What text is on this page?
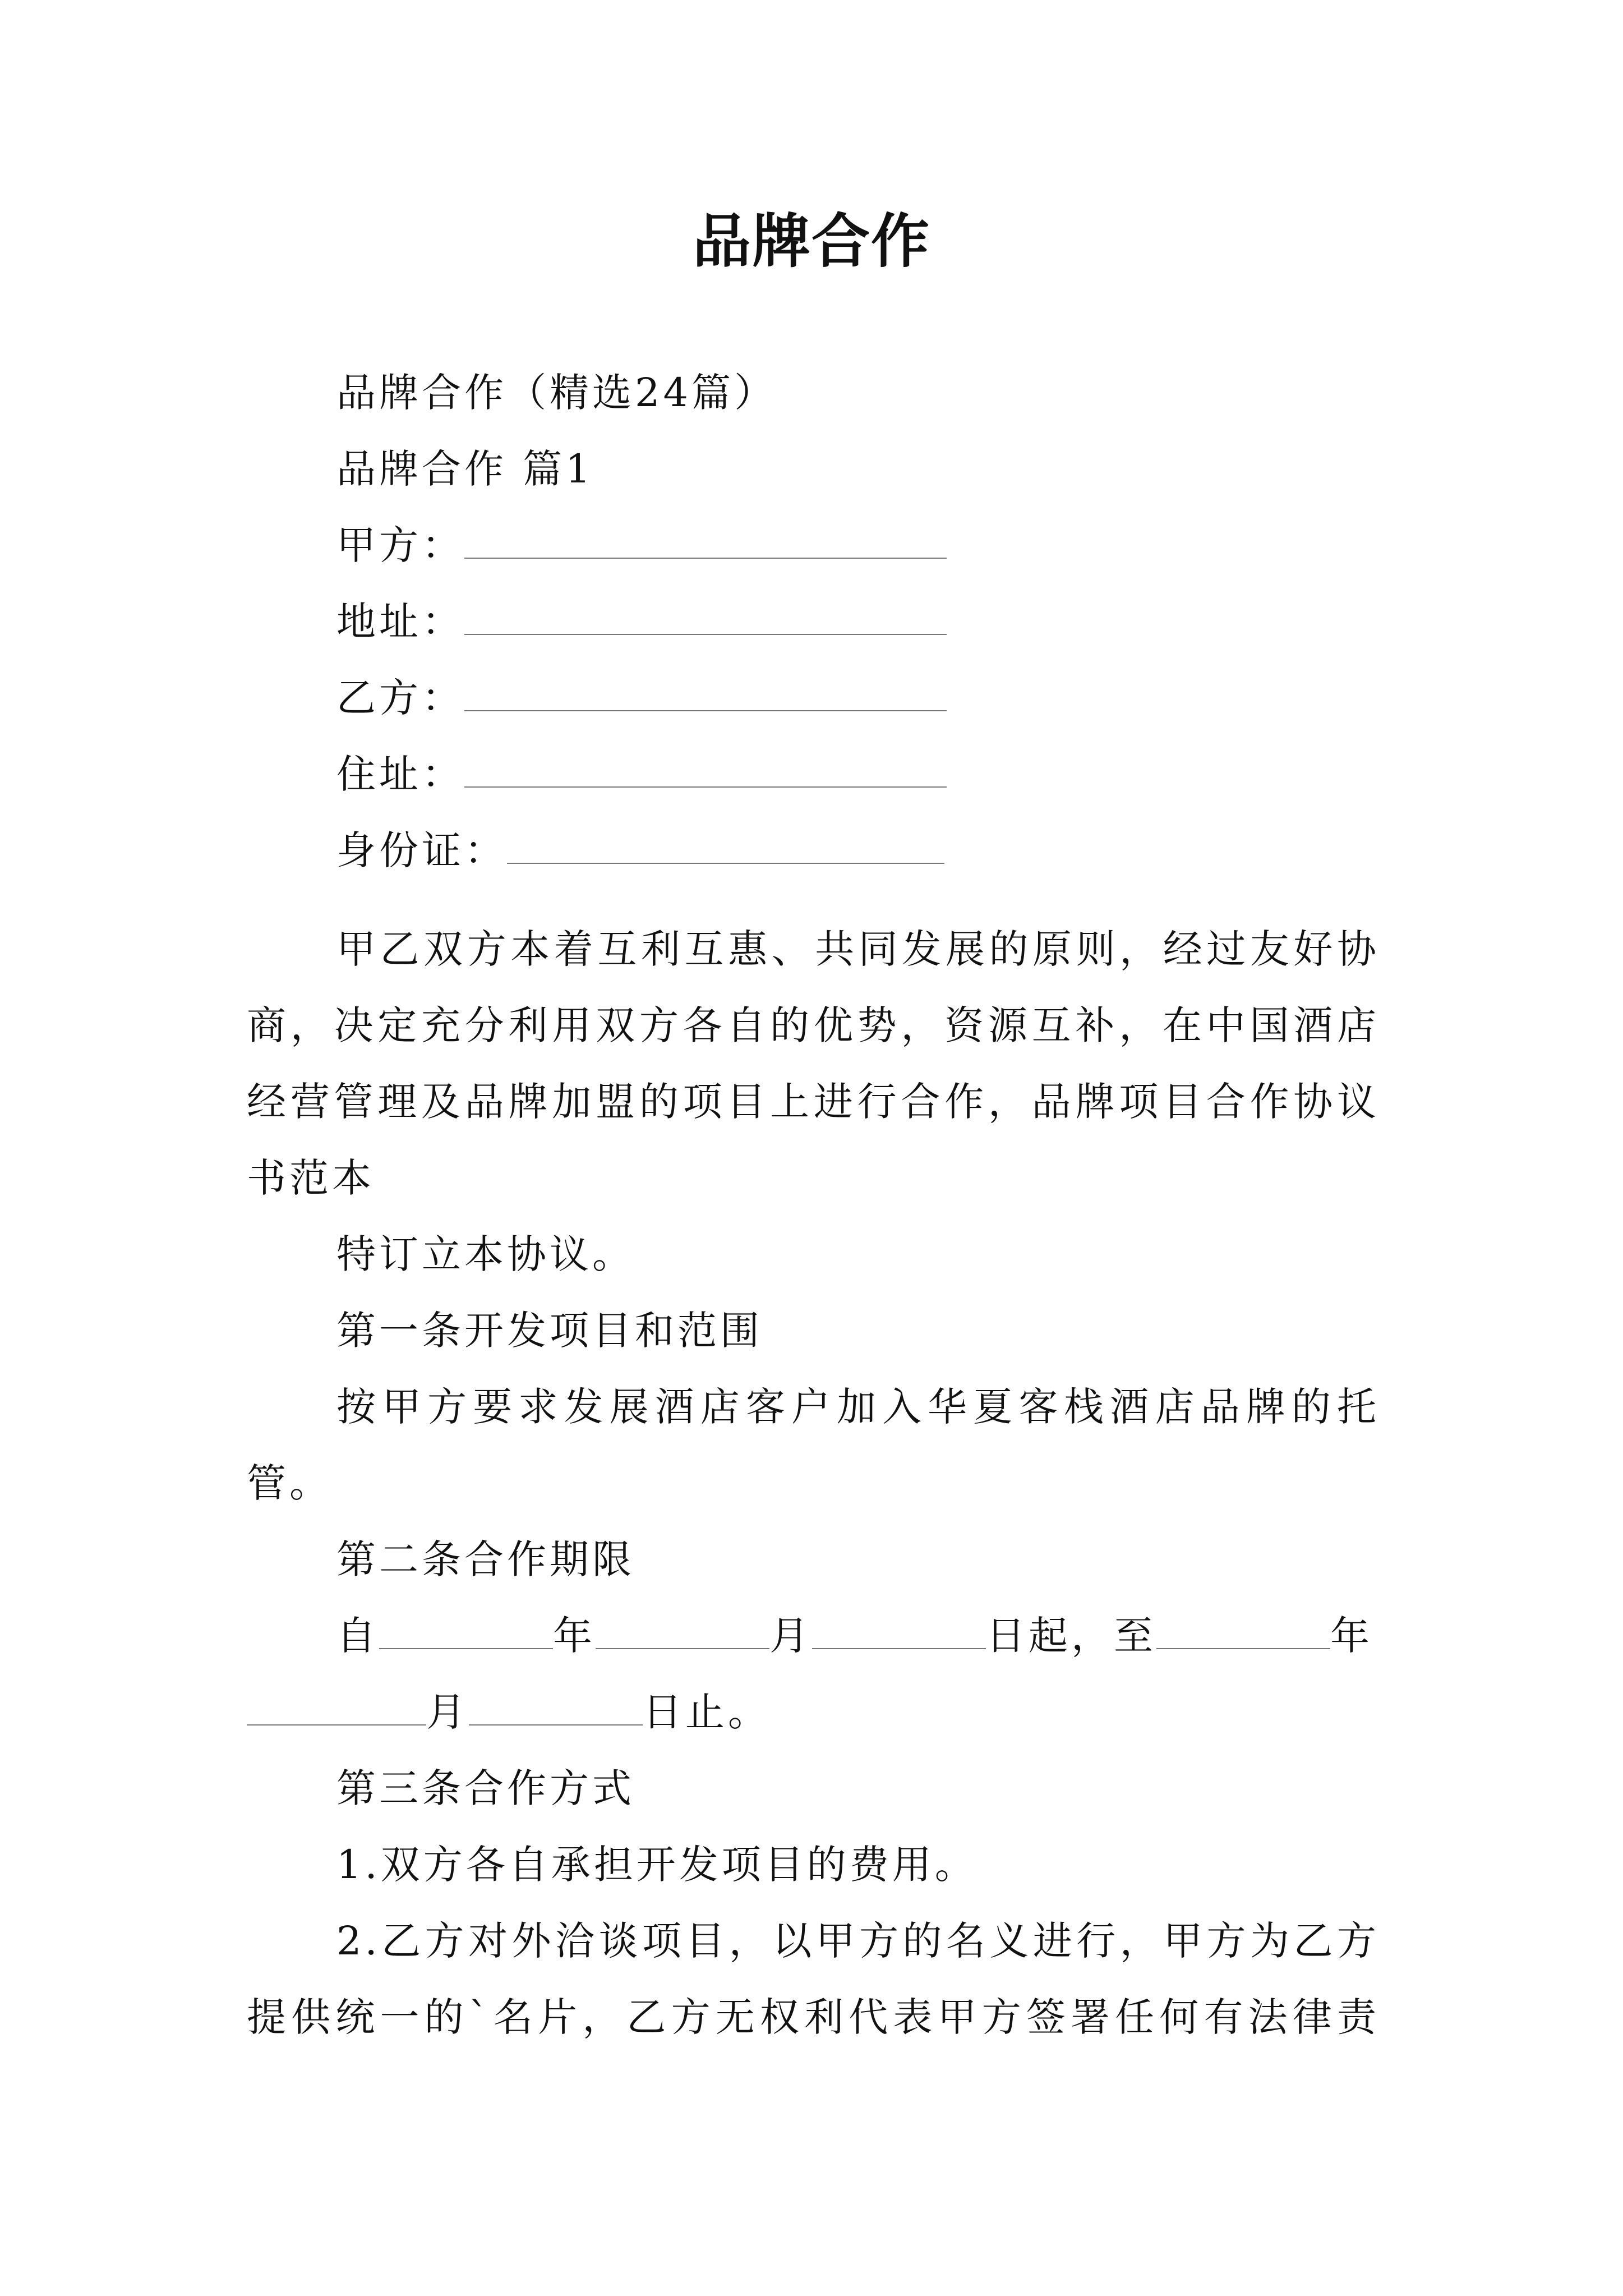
品牌合作
品牌合作（精选24篇）
品牌合作 篇1
甲方：
地址：
乙方：
住址：
身份证：
甲乙双方本着互利互惠、共同发展的原则，经过友好协
商，决定充分利用双方各自的优势，资源互补，在中国酒店
经营管理及品牌加盟的项目上进行合作，品牌项目合作协议
书范本
特订立本协议。
第一条开发项目和范围
按甲方要求发展酒店客户加入华夏客栈酒店品牌的托
管。
第二条合作期限
自	年	月	日起，至	年
月	日止。
第三条合作方式
1.双方各自承担开发项目的费用。
2.乙方对外洽谈项目，以甲方的名义进行，甲方为乙方
提供统一的`名片，乙方无权利代表甲方签署任何有法律责
